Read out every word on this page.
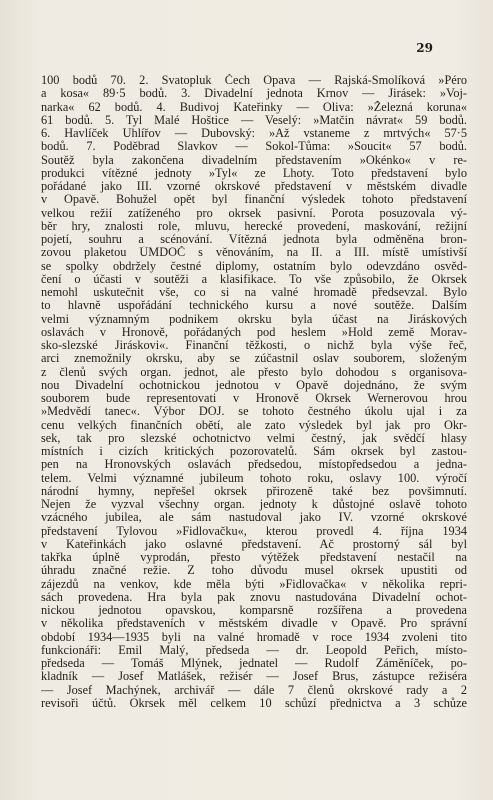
29
100 bodů 70. 2. Svatopluk Čech Opava — Rajská-Smolíková »Péro
a kosa« 89·5 bodů. 3. Divadelní jednota Krnov — Jirásek: »Voj-
narka« 62 bodů. 4. Budivoj Kateřinky — Oliva: »Železná koruna«
61 bodů. 5. Tyl Malé Hoštice — Veselý: »Matčin návrat« 59 bodů.
6. Havlíček Uhlířov — Dubovský: »Až vstaneme z mrtvých« 57·5
bodů. 7. Poděbrad Slavkov — Sokol-Tůma: »Soucit« 57 bodů.
Soutěž byla zakončena divadelním představením »Okénko« v re-
produkci vítězné jednoty »Tyl« ze Lhoty. Toto představení bylo
pořádané jako III. vzorné okrskové představení v městském divadle
v Opavě. Bohužel opět byl finanční výsledek tohoto představení
velkou režií zatíženého pro okrsek pasivní. Porota posuzovala vý-
běr hry, znalosti role, mluvu, herecké provedení, maskování, režijní
pojetí, souhru a scénování. Vítězná jednota byla odměněna bron-
zovou plaketou ÚMDOČ s věnováním, na II. a III. místě umístivší
se spolky obdržely čestné diplomy, ostatním bylo odevzdáno osvěd-
čení o účasti v soutěži a klasifikace. To vše způsobilo, že Okrsek
nemohl uskutečnit vše, co si na valné hromadě předsevzal. Bylo
to hlavně uspořádání technického kursu a nové soutěže. Dalším
velmi významným podnikem okrsku byla účast na Jiráskových
oslavách v Hronově, pořádaných pod heslem »Hold země Morav-
sko-slezské Jiráskovi«. Finanční těžkosti, o nichž byla výše řeč,
arci znemožnily okrsku, aby se zúčastnil oslav souborem, složeným
z členů svých organ. jednot, ale přesto bylo dohodou s organisova-
nou Divadelní ochotnickou jednotou v Opavě dojednáno, že svým
souborem bude representovati v Hronově Okrsek Wernerovou hrou
»Medvědí tanec«. Výbor DOJ. se tohoto čestného úkolu ujal i za
cenu velkých finančních obětí, ale zato výsledek byl jak pro Okr-
sek, tak pro slezské ochotnictvo velmi čestný, jak svědčí hlasy
místních i cizích kritických pozorovatelů. Sám okrsek byl zastou-
pen na Hronovských oslavách předsedou, místopředsedou a jedna-
telem. Velmi významné jubileum tohoto roku, oslavy 100. výročí
národní hymny, nepřešel okrsek přirozeně také bez povšimnutí.
Nejen že vyzval všechny organ. jednoty k důstojné oslavě tohoto
vzácného jubilea, ale sám nastudoval jako IV. vzorné okrskové
představení Tylovou »Fidlovačku«, kterou provedl 4. října 1934
v Kateřinkách jako oslavné představení. Ač prostorný sál byl
takřka úplně vyprodán, přesto výtěžek představení nestačil na
úhradu značné režie. Z toho důvodu musel okrsek upustiti od
zájezdů na venkov, kde měla býti »Fidlovačka« v několika repri-
sách provedena. Hra byla pak znovu nastudována Divadelní ochot-
nickou jednotou opavskou, komparsně rozšířena a provedena
v několika představeních v městském divadle v Opavě. Pro správní
období 1934—1935 byli na valné hromadě v roce 1934 zvoleni tito
funkcionáři: Emil Malý, předseda — dr. Leopold Peřich, místo-
předseda — Tomáš Mlýnek, jednatel — Rudolf Záměníček, po-
kladník — Josef Matlášek, režisér — Josef Brus, zástupce režiséra
— Josef Machýnek, archivář — dále 7 členů okrskové rady a 2
revisoři účtů. Okrsek měl celkem 10 schůzí přednictva a 3 schůze
